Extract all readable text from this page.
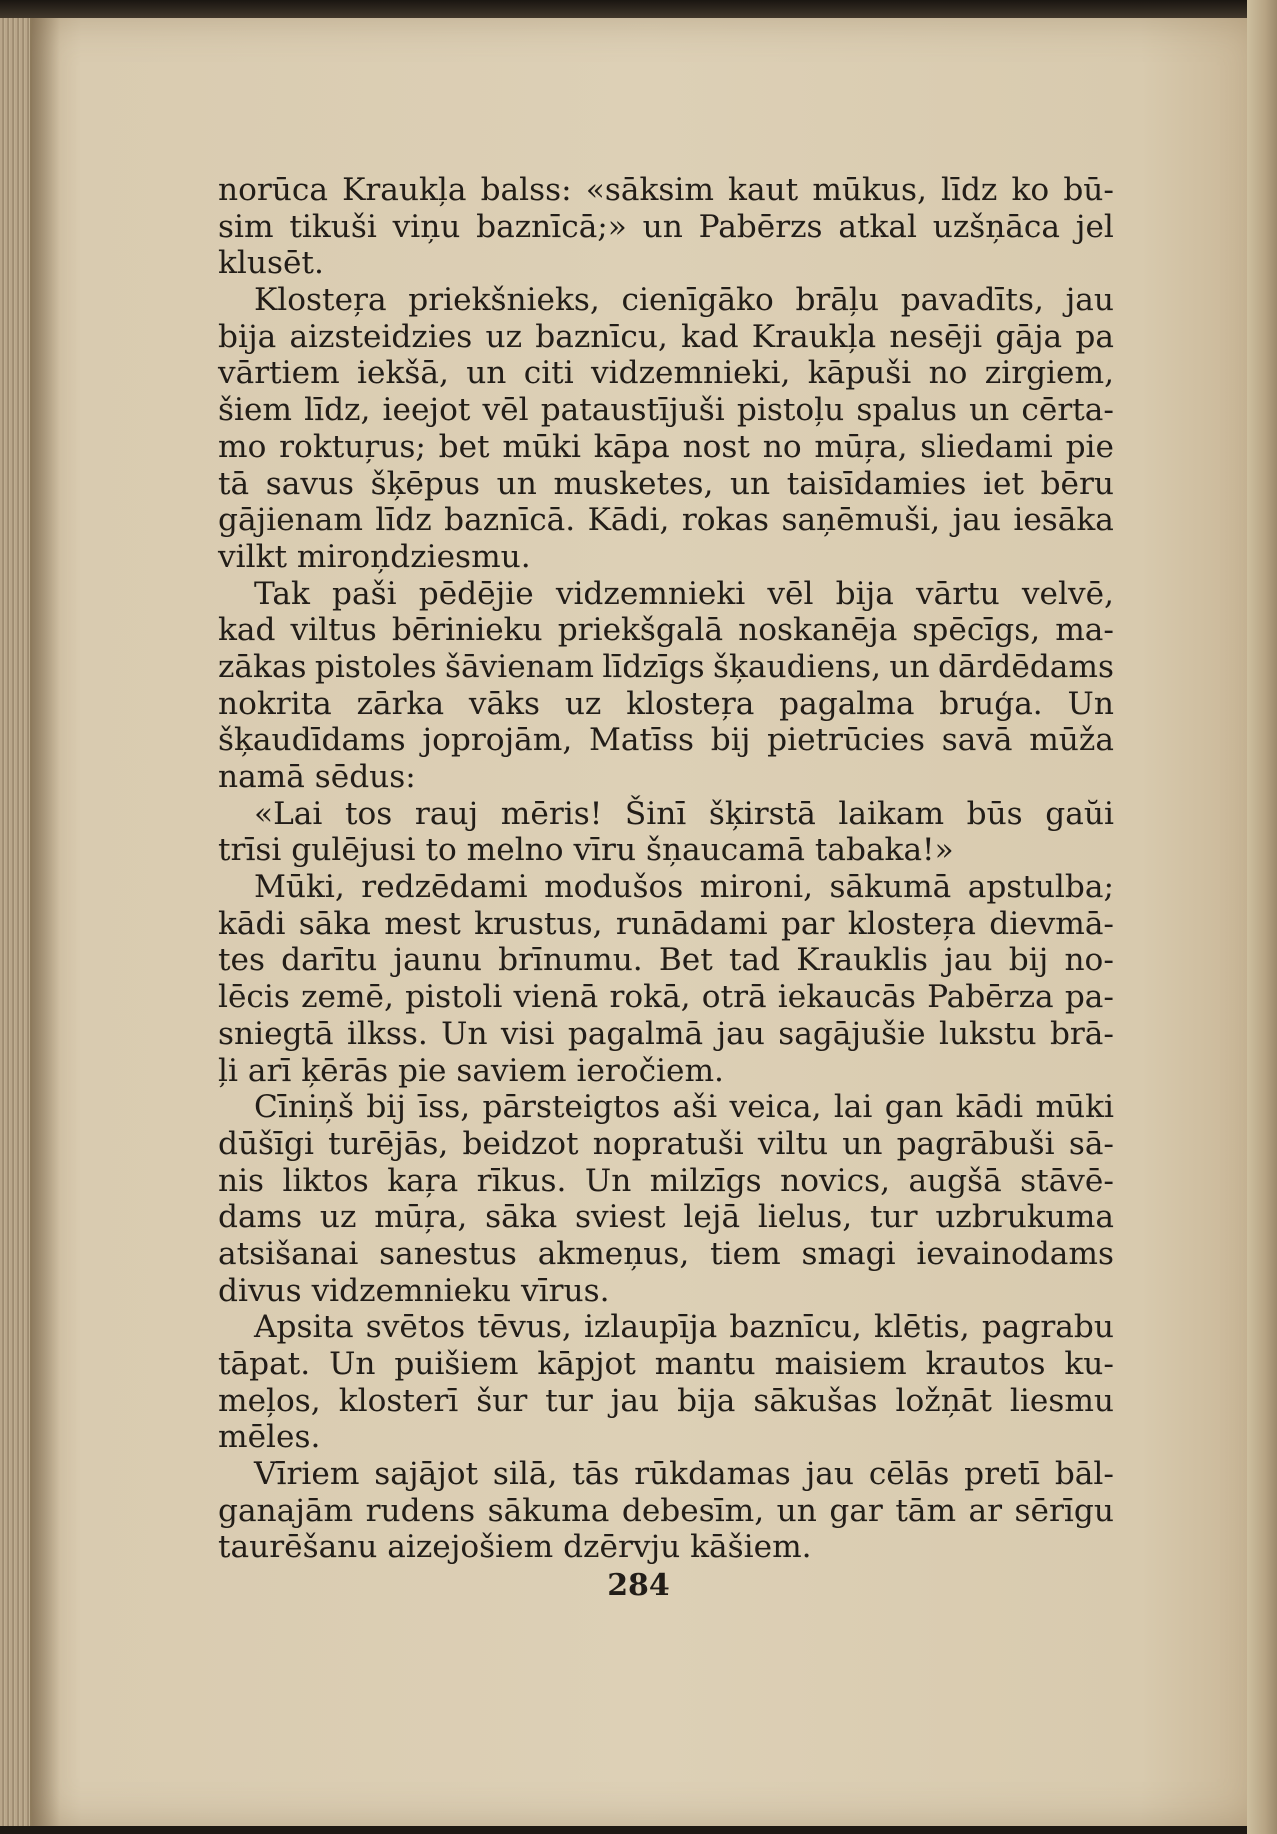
norūca Kraukļa balss: «sāksim kaut mūkus, līdz ko bū-
sim tikuši viņu baznīcā;» un Pabērzs atkal uzšņāca jel
klusēt.
Klosteŗa priekšnieks, cienīgāko brāļu pavadīts, jau
bija aizsteidzies uz baznīcu, kad Kraukļa nesēji gāja pa
vārtiem iekšā, un citi vidzemnieki, kāpuši no zirgiem,
šiem līdz, ieejot vēl pataustījuši pistoļu spalus un cērta-
mo roktuŗus; bet mūki kāpa nost no mūŗa, sliedami pie
tā savus šķēpus un musketes, un taisīdamies iet bēru
gājienam līdz baznīcā. Kādi, rokas saņēmuši, jau iesāka
vilkt miroņdziesmu.
Tak paši pēdējie vidzemnieki vēl bija vārtu velvē,
kad viltus bērinieku priekšgalā noskanēja spēcīgs, ma-
zākas pistoles šāvienam līdzīgs šķaudiens, un dārdēdams
nokrita zārka vāks uz klosteŗa pagalma bruģa. Un
šķaudīdams joprojām, Matīss bij pietrūcies savā mūža
namā sēdus:
«Lai tos rauj mēris! Šinī šķirstā laikam būs gaŭi
trīsi gulējusi to melno vīru šņaucamā tabaka!»
Mūki, redzēdami modušos mironi, sākumā apstulba;
kādi sāka mest krustus, runādami par klosteŗa dievmā-
tes darītu jaunu brīnumu. Bet tad Krauklis jau bij no-
lēcis zemē, pistoli vienā rokā, otrā iekaucās Pabērza pa-
sniegtā ilkss. Un visi pagalmā jau sagājušie lukstu brā-
ļi arī ķērās pie saviem ieročiem.
Cīniņš bij īss, pārsteigtos aši veica, lai gan kādi mūki
dūšīgi turējās, beidzot nopratuši viltu un pagrābuši sā-
nis liktos kaŗa rīkus. Un milzīgs novics, augšā stāvē-
dams uz mūŗa, sāka sviest lejā lielus, tur uzbrukuma
atsišanai sanestus akmeņus, tiem smagi ievainodams
divus vidzemnieku vīrus.
Apsita svētos tēvus, izlaupīja baznīcu, klētis, pagrabu
tāpat. Un puišiem kāpjot mantu maisiem krautos ku-
meļos, klosterī šur tur jau bija sākušas ložņāt liesmu
mēles.
Vīriem sajājot silā, tās rūkdamas jau cēlās pretī bāl-
ganajām rudens sākuma debesīm, un gar tām ar sērīgu
taurēšanu aizejošiem dzērvju kāšiem.
284
